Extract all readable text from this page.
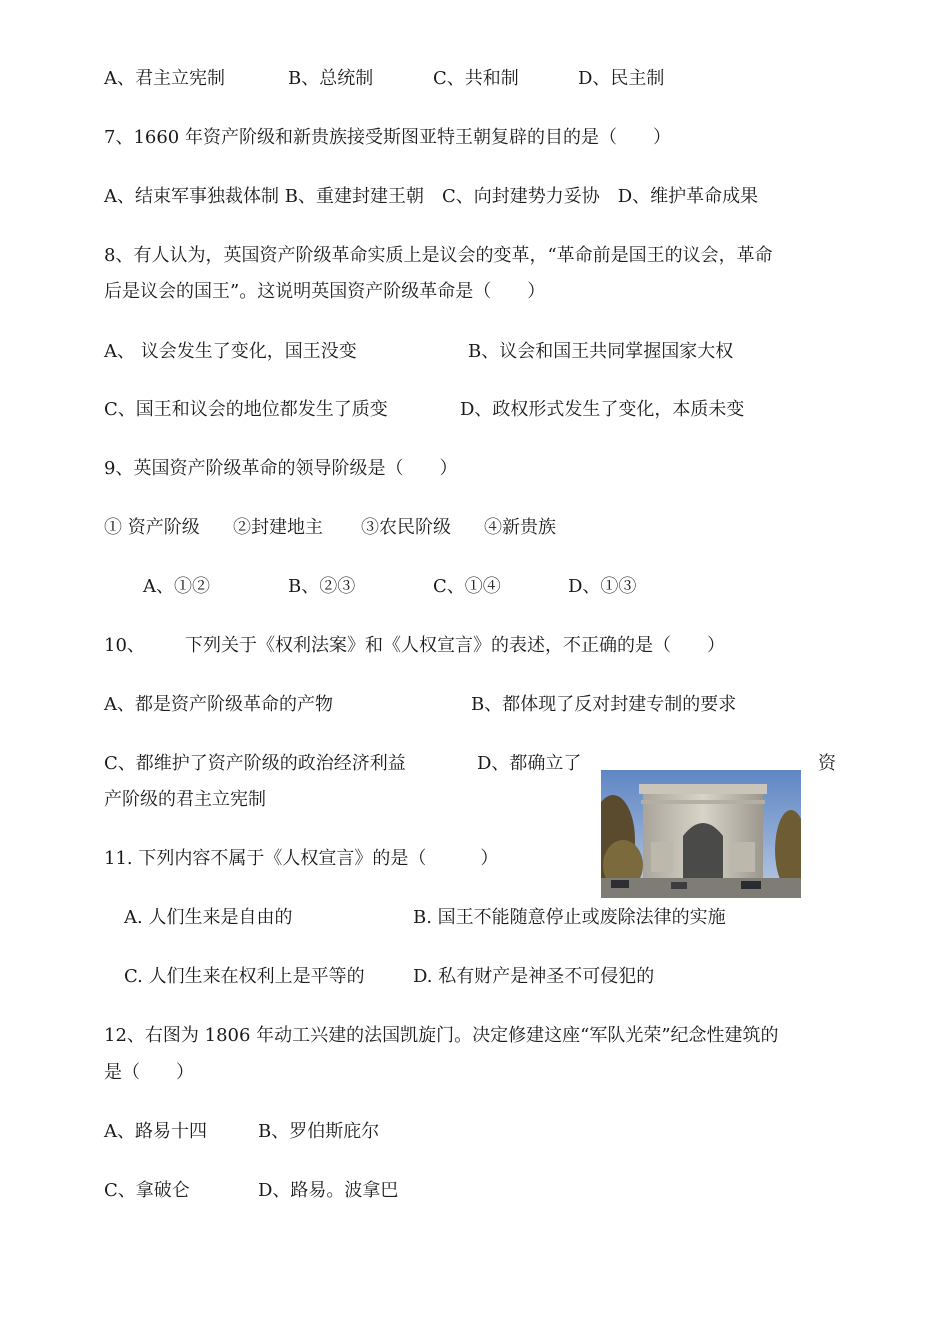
A、君主立宪制	B、总统制	C、共和制	D、民主制
7、1660 年资产阶级和新贵族接受斯图亚特王朝复辟的目的是（　　）
A、结束军事独裁体制 B、重建封建王朝　C、向封建势力妥协　D、维护革命成果
8、有人认为，英国资产阶级革命实质上是议会的变革，“革命前是国王的议会，革命
后是议会的国王”。这说明英国资产阶级革命是（　　）
A、 议会发生了变化，国王没变	B、议会和国王共同掌握国家大权
C、国王和议会的地位都发生了质变	D、政权形式发生了变化，本质未变
9、英国资产阶级革命的领导阶级是（　　）
① 资产阶级 ②封建地主 ③农民阶级 ④新贵族
A、①②	B、②③	C、①④	D、①③
10、 下列关于《权利法案》和《人权宣言》的表述，不正确的是（　　）
A、都是资产阶级革命的产物	B、都体现了反对封建专制的要求
C、都维护了资产阶级的政治经济利益	D、都确立了	资
产阶级的君主立宪制
11. 下列内容不属于《人权宣言》的是（　　　）
A. 人们生来是自由的	B. 国王不能随意停止或废除法律的实施
C. 人们生来在权利上是平等的	D. 私有财产是神圣不可侵犯的
12、右图为 1806 年动工兴建的法国凯旋门。决定修建这座“军队光荣”纪念性建筑的
是（　　）
A、路易十四	B、罗伯斯庇尔
C、拿破仑	D、路易。波拿巴
